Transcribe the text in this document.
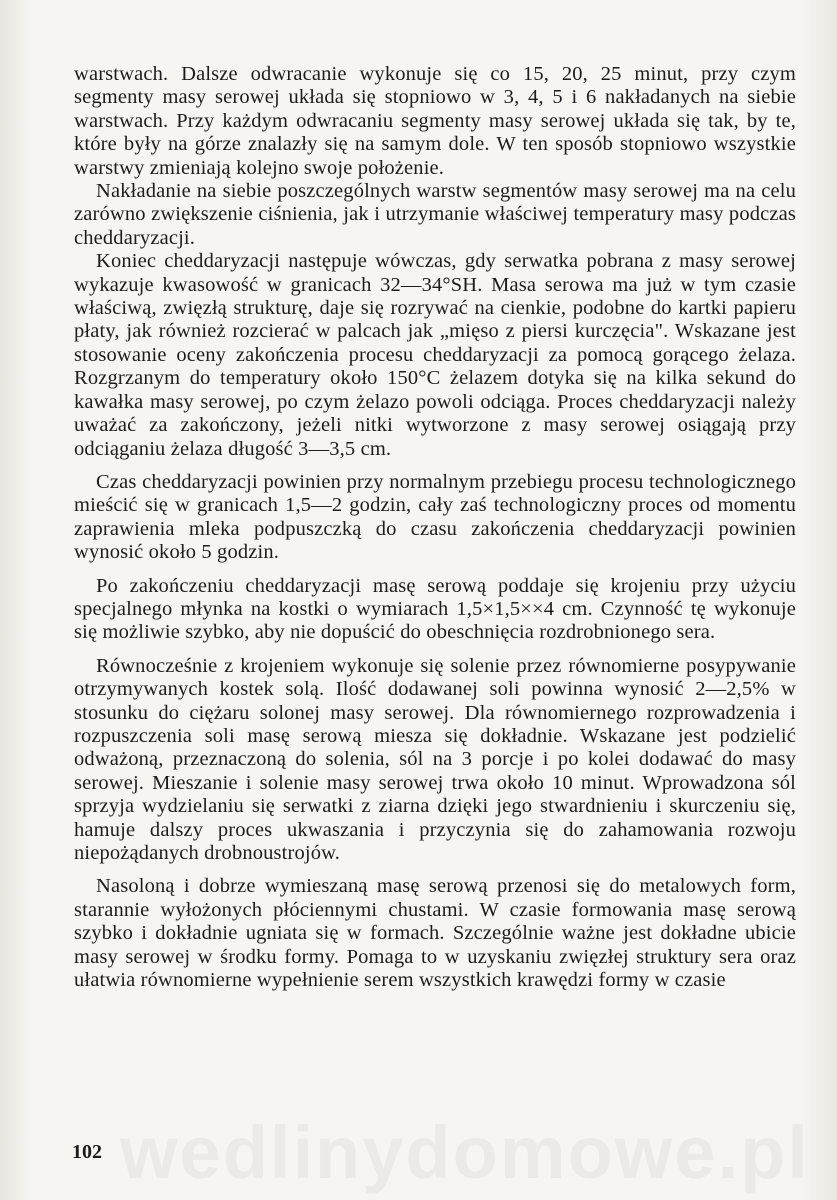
warstwach. Dalsze odwracanie wykonuje się co 15, 20, 25 minut, przy czym segmenty masy serowej układa się stopniowo w 3, 4, 5 i 6 nakładanych na siebie warstwach. Przy każdym odwracaniu segmenty masy serowej układa się tak, by te, które były na górze znalazły się na samym dole. W ten sposób stopniowo wszystkie warstwy zmieniają kolejno swoje położenie.

Nakładanie na siebie poszczególnych warstw segmentów masy serowej ma na celu zarówno zwiększenie ciśnienia, jak i utrzymanie właściwej temperatury masy podczas cheddaryzacji.

Koniec cheddaryzacji następuje wówczas, gdy serwatka pobrana z masy serowej wykazuje kwasowość w granicach 32—34°SH. Masa serowa ma już w tym czasie właściwą, zwięzłą strukturę, daje się rozrywać na cienkie, podobne do kartki papieru płaty, jak również rozcierać w palcach jak „mięso z piersi kurczęcia". Wskazane jest stosowanie oceny zakończenia procesu cheddaryzacji za pomocą gorącego żelaza. Rozgrzanym do temperatury około 150°C żelazem dotyka się na kilka sekund do kawałka masy serowej, po czym żelazo powoli odciąga. Proces cheddaryzacji należy uważać za zakończony, jeżeli nitki wytworzone z masy serowej osiągają przy odciąganiu żelaza długość 3—3,5 cm.

Czas cheddaryzacji powinien przy normalnym przebiegu procesu technologicznego mieścić się w granicach 1,5—2 godzin, cały zaś technologiczny proces od momentu zaprawienia mleka podpuszczką do czasu zakończenia cheddaryzacji powinien wynosić około 5 godzin.

Po zakończeniu cheddaryzacji masę serową poddaje się krojeniu przy użyciu specjalnego młynka na kostki o wymiarach 1,5×1,5××4 cm. Czynność tę wykonuje się możliwie szybko, aby nie dopuścić do obeschnięcia rozdrobnionego sera.

Równocześnie z krojeniem wykonuje się solenie przez równomierne posypywanie otrzymywanych kostek solą. Ilość dodawanej soli powinna wynosić 2—2,5% w stosunku do ciężaru solonej masy serowej. Dla równomiernego rozprowadzenia i rozpuszczenia soli masę serową miesza się dokładnie. Wskazane jest podzielić odważoną, przeznaczoną do solenia, sól na 3 porcje i po kolei dodawać do masy serowej. Mieszanie i solenie masy serowej trwa około 10 minut. Wprowadzona sól sprzyja wydzielaniu się serwatki z ziarna dzięki jego stwardnieniu i skurczeniu się, hamuje dalszy proces ukwaszania i przyczynia się do zahamowania rozwoju niepożądanych drobnoustrojów.

Nasoloną i dobrze wymieszaną masę serową przenosi się do metalowych form, starannie wyłożonych płóciennymi chustami. W czasie formowania masę serową szybko i dokładnie ugniata się w formach. Szczególnie ważne jest dokładne ubicie masy serowej w środku formy. Pomaga to w uzyskaniu zwięzłej struktury sera oraz ułatwia równomierne wypełnienie serem wszystkich krawędzi formy w czasie

wedlinydomowe.pl
102
